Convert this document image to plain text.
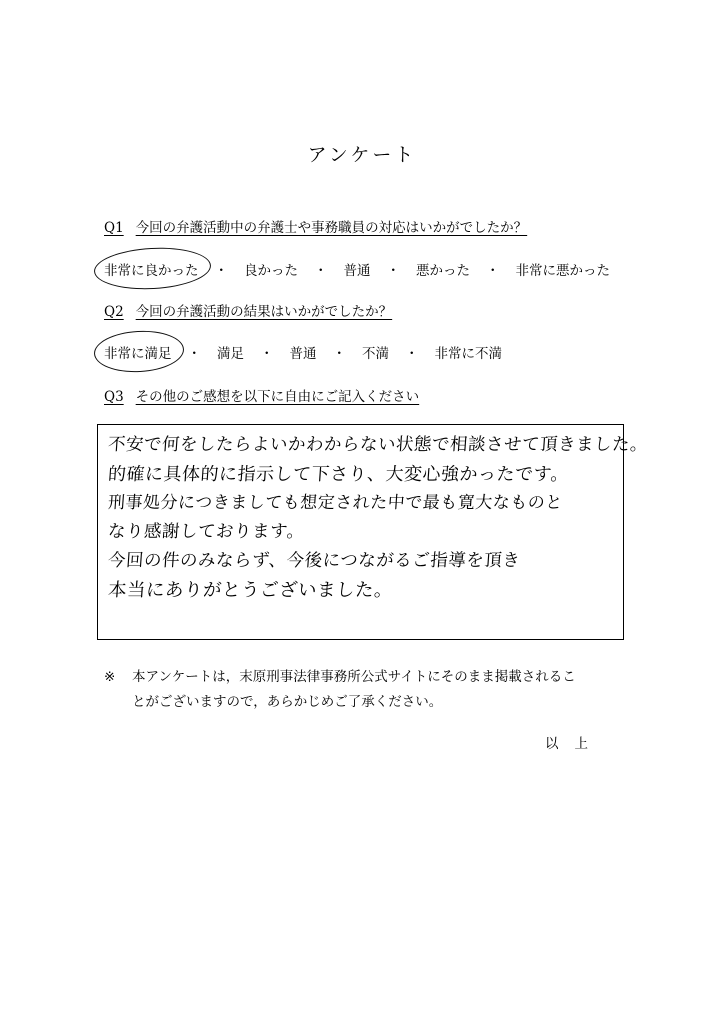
アンケート
Q1 今回の弁護活動中の弁護士や事務職員の対応はいかがでしたか？
非常に良かった ・ 良かった ・ 普通 ・ 悪かった ・ 非常に悪かった
Q2 今回の弁護活動の結果はいかがでしたか？
非常に満足 ・ 満足 ・ 普通 ・ 不満 ・ 非常に不満
Q3 その他のご感想を以下に自由にご記入ください
不安で何をしたらよいかわからない状態で相談させて頂きました。
的確に具体的に指示して下さり、大変心強かったです。
刑事処分につきましても想定された中で最も寛大なものと
なり感謝しております。
今回の件のみならず、今後につながるご指導を頂き
本当にありがとうございました。
※	本アンケートは，末原刑事法律事務所公式サイトにそのまま掲載されるこ
とがございますので，あらかじめご了承ください。
以上
